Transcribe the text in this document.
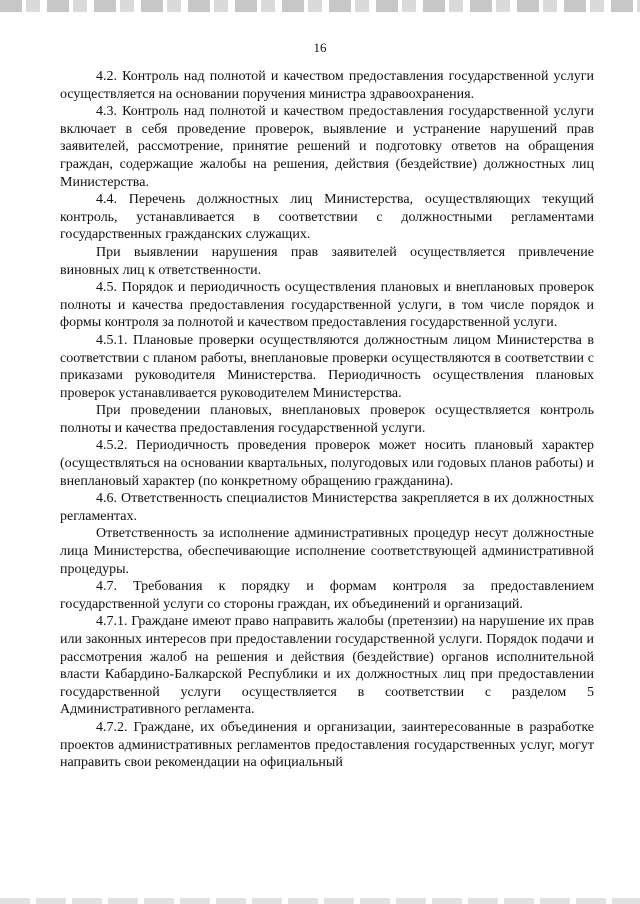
16

4.2. Контроль над полнотой и качеством предоставления государственной услуги осуществляется на основании поручения министра здравоохранения.

4.3. Контроль над полнотой и качеством предоставления государственной услуги включает в себя проведение проверок, выявление и устранение нарушений прав заявителей, рассмотрение, принятие решений и подготовку ответов на обращения граждан, содержащие жалобы на решения, действия (бездействие) должностных лиц Министерства.

4.4. Перечень должностных лиц Министерства, осуществляющих текущий контроль, устанавливается в соответствии с должностными регламентами государственных гражданских служащих.

При выявлении нарушения прав заявителей осуществляется привлечение виновных лиц к ответственности.

4.5. Порядок и периодичность осуществления плановых и внеплановых проверок полноты и качества предоставления государственной услуги, в том числе порядок и формы контроля за полнотой и качеством предоставления государственной услуги.

4.5.1. Плановые проверки осуществляются должностным лицом Министерства в соответствии с планом работы, внеплановые проверки осуществляются в соответствии с приказами руководителя Министерства. Периодичность осуществления плановых проверок устанавливается руководителем Министерства.

При проведении плановых, внеплановых проверок осуществляется контроль полноты и качества предоставления государственной услуги.

4.5.2. Периодичность проведения проверок может носить плановый характер (осуществляться на основании квартальных, полугодовых или годовых планов работы) и внеплановый характер (по конкретному обращению гражданина).

4.6. Ответственность специалистов Министерства закрепляется в их должностных регламентах.

Ответственность за исполнение административных процедур несут должностные лица Министерства, обеспечивающие исполнение соответствующей административной процедуры.

4.7. Требования к порядку и формам контроля за предоставлением государственной услуги со стороны граждан, их объединений и организаций.

4.7.1. Граждане имеют право направить жалобы (претензии) на нарушение их прав или законных интересов при предоставлении государственной услуги. Порядок подачи и рассмотрения жалоб на решения и действия (бездействие) органов исполнительной власти Кабардино-Балкарской Республики и их должностных лиц при предоставлении государственной услуги осуществляется в соответствии с разделом 5 Административного регламента.

4.7.2. Граждане, их объединения и организации, заинтересованные в разработке проектов административных регламентов предоставления государственных услуг, могут направить свои рекомендации на официальный
